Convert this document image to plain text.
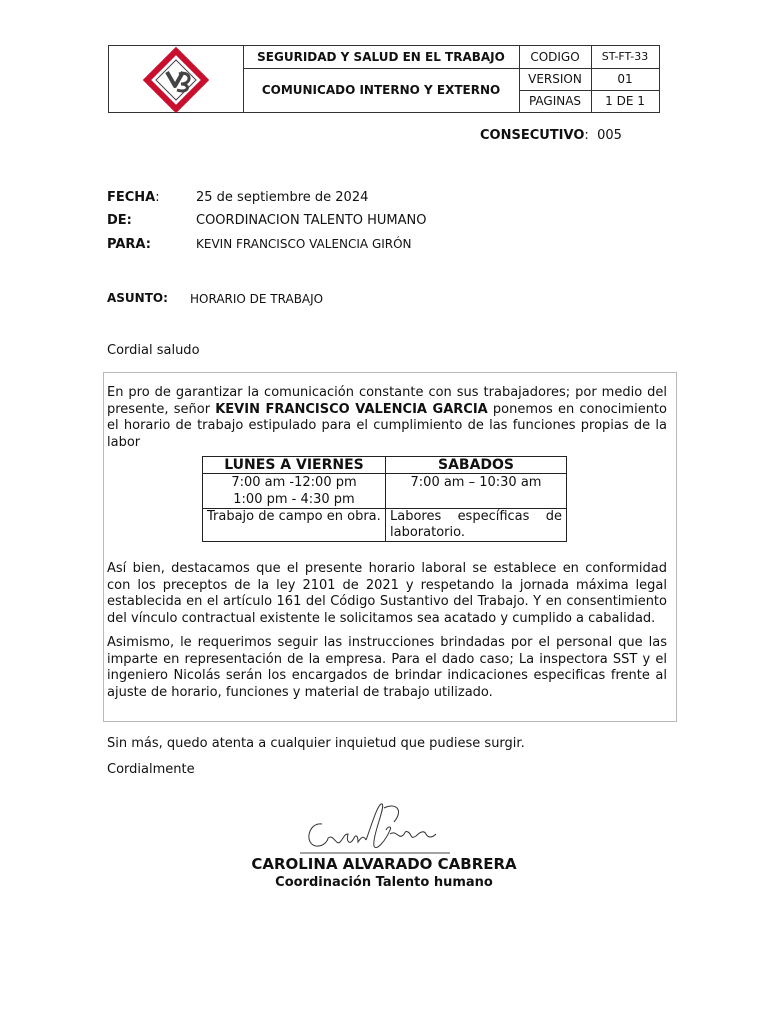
SEGURIDAD Y SALUD EN EL TRABAJO
COMUNICADO INTERNO Y EXTERNO
CODIGO	ST-FT-33
VERSION	01
PAGINAS	1 DE 1
CONSECUTIVO:  005
FECHA:	25 de septiembre de 2024
DE:	COORDINACION TALENTO HUMANO
PARA:	KEVIN FRANCISCO VALENCIA GIRÓN
ASUNTO: HORARIO DE TRABAJO
Cordial saludo

En pro de garantizar la comunicación constante con sus trabajadores; por medio del presente, señor KEVIN FRANCISCO VALENCIA GARCIA ponemos en conocimiento el horario de trabajo estipulado para el cumplimiento de las funciones propias de la labor

Así bien, destacamos que el presente horario laboral se establece en conformidad con los preceptos de la ley 2101 de 2021 y respetando la jornada máxima legal establecida en el artículo 161 del Código Sustantivo del Trabajo. Y en consentimiento del vínculo contractual existente le solicitamos sea acatado y cumplido a cabalidad.

Asimismo, le requerimos seguir las instrucciones brindadas por el personal que las imparte en representación de la empresa. Para el dado caso; La inspectora SST y el ingeniero Nicolás serán los encargados de brindar indicaciones especificas frente al ajuste de horario, funciones y material de trabajo utilizado.

LUNES A VIERNES	SABADOS

7:00 am -12:00 pm
1:00 pm - 4:30 pm	7:00 am – 10:30 am
Trabajo de campo en obra.	Labores específicas de
laboratorio.
Sin más, quedo atenta a cualquier inquietud que pudiese surgir.
Cordialmente
CAROLINA ALVARADO CABRERA
Coordinación Talento humano
